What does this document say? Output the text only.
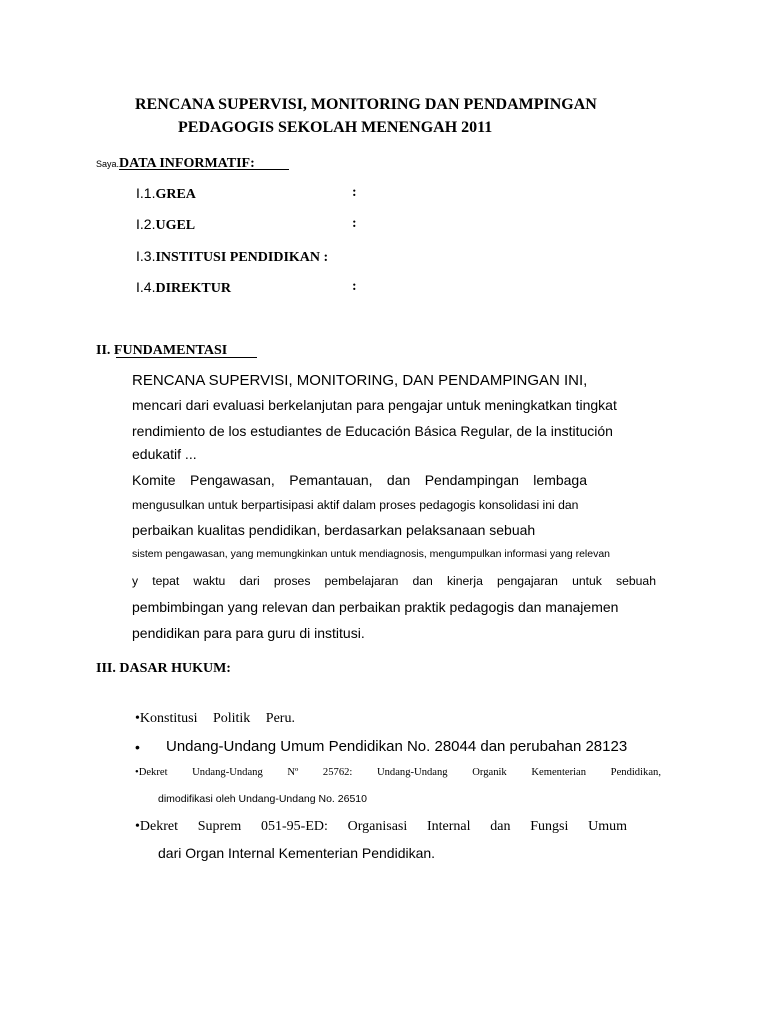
RENCANA SUPERVISI, MONITORING DAN PENDAMPINGAN
PEDAGOGIS SEKOLAH MENENGAH 2011
Saya.DATA INFORMATIF:
I.1.GREA	:
I.2.UGEL	:
I.3.INSTITUSI PENDIDIKAN :
I.4.DIREKTUR	:
II. FUNDAMENTASI
RENCANA SUPERVISI, MONITORING, DAN PENDAMPINGAN INI,
mencari dari evaluasi berkelanjutan para pengajar untuk meningkatkan tingkat
rendimiento de los estudiantes de Educación Básica Regular, de la institución
edukatif ...
Komite Pengawasan, Pemantauan, dan Pendampingan lembaga
mengusulkan untuk berpartisipasi aktif dalam proses pedagogis konsolidasi ini dan
perbaikan kualitas pendidikan, berdasarkan pelaksanaan sebuah
sistem pengawasan, yang memungkinkan untuk mendiagnosis, mengumpulkan informasi yang relevan
y tepat waktu dari proses pembelajaran dan kinerja pengajaran untuk sebuah
pembimbingan yang relevan dan perbaikan praktik pedagogis dan manajemen
pendidikan para para guru di institusi.
III. DASAR HUKUM:
•Konstitusi Politik Peru.
• Undang-Undang Umum Pendidikan No. 28044 dan perubahan 28123
•Dekret Undang-Undang Nº 25762: Undang-Undang Organik Kementerian Pendidikan,
dimodifikasi oleh Undang-Undang No. 26510
•Dekret Suprem 051-95-ED: Organisasi Internal dan Fungsi Umum
dari Organ Internal Kementerian Pendidikan.
